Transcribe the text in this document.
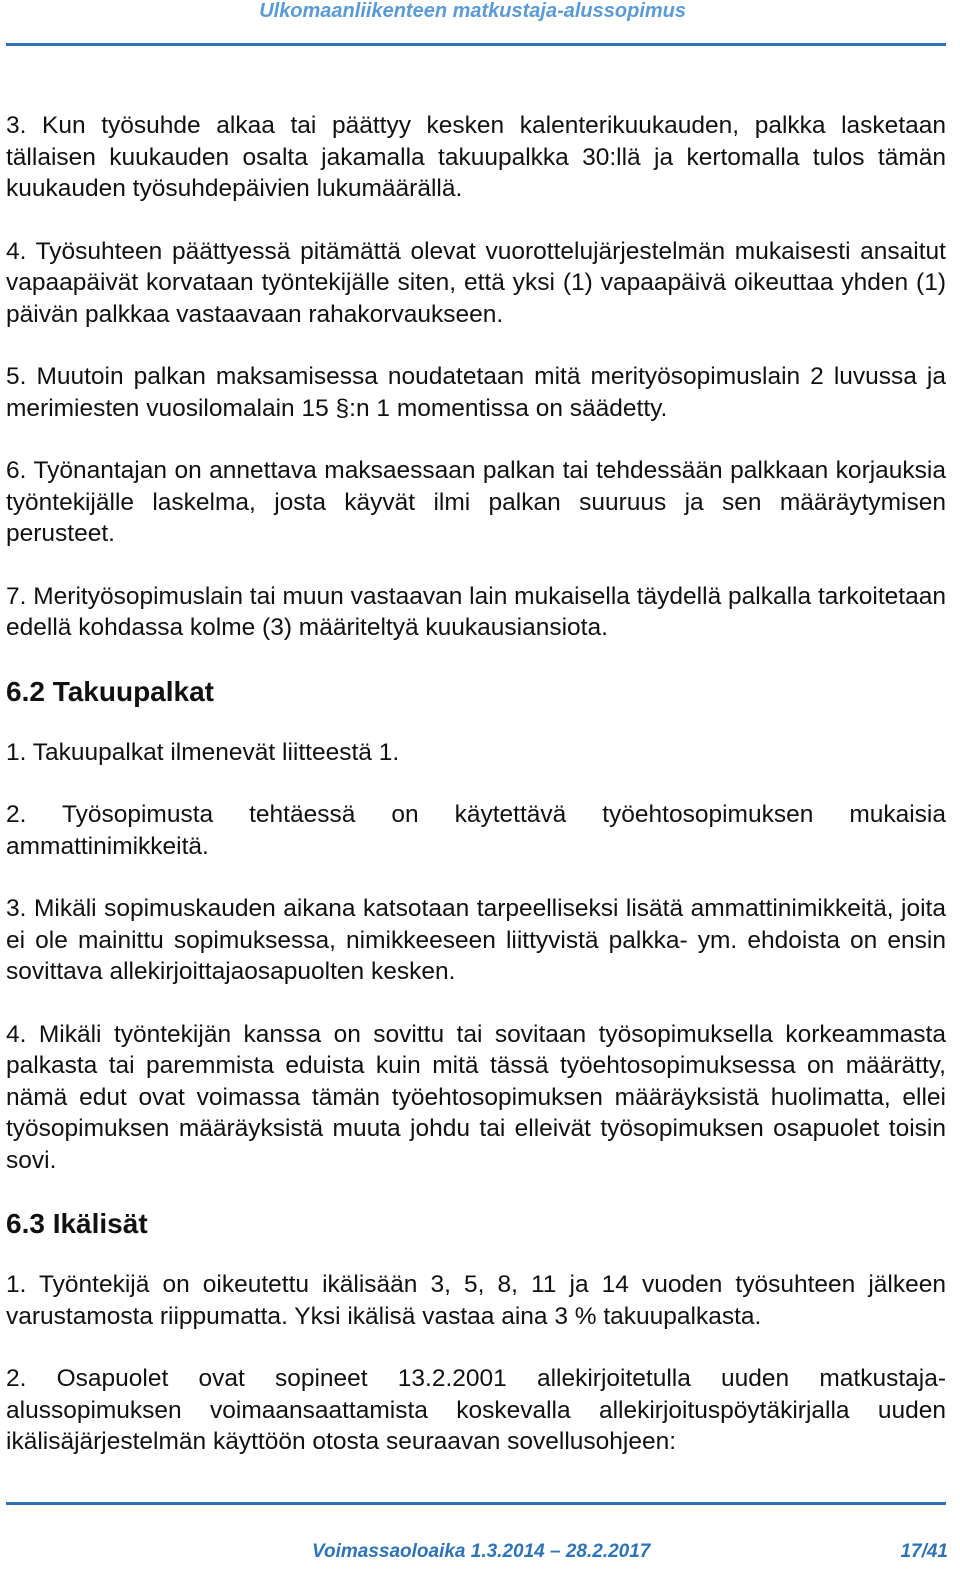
Ulkomaanliikenteen matkustaja-alussopimus

3. Kun työsuhde alkaa tai päättyy kesken kalenterikuukauden, palkka lasketaan tällaisen kuukauden osalta jakamalla takuupalkka 30:llä ja kertomalla tulos tämän kuukauden työsuhdepäivien lukumäärällä.

4. Työsuhteen päättyessä pitämättä olevat vuorottelujärjestelmän mukaisesti ansaitut vapaapäivät korvataan työntekijälle siten, että yksi (1) vapaapäivä oikeuttaa yhden (1) päivän palkkaa vastaavaan rahakorvaukseen.

5. Muutoin palkan maksamisessa noudatetaan mitä merityösopimuslain 2 luvussa ja merimiesten vuosilomalain 15 §:n 1 momentissa on säädetty.

6. Työnantajan on annettava maksaessaan palkan tai tehdessään palkkaan korjauksia työntekijälle laskelma, josta käyvät ilmi palkan suuruus ja sen määräytymisen perusteet.

7. Merityösopimuslain tai muun vastaavan lain mukaisella täydellä palkalla tarkoitetaan edellä kohdassa kolme (3) määriteltyä kuukausiansiota.

6.2 Takuupalkat

1. Takuupalkat ilmenevät liitteestä 1.

2. Työsopimusta tehtäessä on käytettävä työehtosopimuksen mukaisia ammattinimikkeitä.

3. Mikäli sopimuskauden aikana katsotaan tarpeelliseksi lisätä ammattinimikkeitä, joita ei ole mainittu sopimuksessa, nimikkeeseen liittyvistä palkka- ym. ehdoista on ensin sovittava allekirjoittajaosapuolten kesken.

4. Mikäli työntekijän kanssa on sovittu tai sovitaan työsopimuksella korkeammasta palkasta tai paremmista eduista kuin mitä tässä työehtosopimuksessa on määrätty, nämä edut ovat voimassa tämän työehtosopimuksen määräyksistä huolimatta, ellei työsopimuksen määräyksistä muuta johdu tai elleivät työsopimuksen osapuolet toisin sovi.

6.3 Ikälisät

1. Työntekijä on oikeutettu ikälisään 3, 5, 8, 11 ja 14 vuoden työsuhteen jälkeen varustamosta riippumatta. Yksi ikälisä vastaa aina 3 % takuupalkasta.

2. Osapuolet ovat sopineet 13.2.2001 allekirjoitetulla uuden matkustaja-alussopimuksen voimaansaattamista koskevalla allekirjoituspöytäkirjalla uuden ikälisäjärjestelmän käyttöön otosta seuraavan sovellusohjeen:

Voimassaoloaika 1.3.2014 – 28.2.2017	17/41
